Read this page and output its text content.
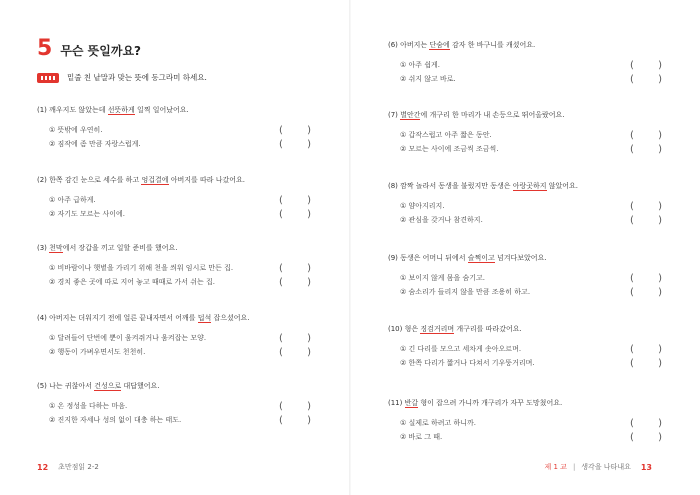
5 무슨 뜻일까요?
밑줄 친 낱말과 맞는 뜻에 동그라미 하세요.
(1) 깨우지도 않았는데 선뜻하게 일찍 일어났어요.
① 뜻밖에 우연히.	( )
② 짐작에 좀 만큼 자랑스럽게.	( )
(2) 한쪽 감긴 눈으로 세수를 하고 엉겁결에 아버지를 따라 나갔어요.
① 아주 급하게.	( )
② 자기도 모르는 사이에.	( )
(3) 천막에서 장갑을 끼고 일할 준비를 했어요.
① 비바람이나 햇볕을 가리기 위해 천을 씌워 임시로 만든 집.	( )
② 경치 좋은 곳에 따로 지어 놓고 때때로 가서 쉬는 집.	( )
(4) 아버지는 더워지기 전에 얼른 끝내자면서 어깨를 덥석 잡으셨어요.
① 달려들어 단번에 뿐이 움켜쥐거나 움켜잡는 모양.	( )
② 행동이 가벼우면서도 천천히.	( )
(5) 나는 귀찮아서 건성으로 대답했어요.
① 온 정성을 다하는 마음.	( )
② 진지한 자세나 성의 없이 대충 하는 태도.	( )
12 초만점읽 2-2
(6) 아버지는 단숨에 감자 한 바구니를 캐셨어요.
① 아주 쉽게.	( )
② 쉬지 않고 바로.	( )
(7) 별안간에 개구리 한 마리가 내 손등으로 뛰어올랐어요.
① 갑작스럽고 아주 짧은 동안.	( )
② 모르는 사이에 조금씩 조금씩.	( )
(8) 깜짝 놀라서 동생을 불렀지만 동생은 아랑곳하지 않았어요.
① 얌아지리지.	( )
② 관심을 갖거나 참견하지.	( )
(9) 동생은 어머니 뒤에서 슬쩍이고 넘겨다보았어요.
① 보이지 않게 몸을 숨기고.	( )
② 숨소리가 들리지 않을 만큼 조용히 하고.	( )
(10) 형은 징검거리며 개구리를 따라갔어요.
① 긴 다리를 모으고 세차게 솟아오르며.	( )
② 한쪽 다리가 짧거나 다쳐서 기우뚱거리며.	( )
(11) 반갈 형이 잡으려 가니까 개구리가 자꾸 도망쳤어요.
① 실제로 하려고 하니까.	( )
② 바로 그 때.	( )
제 1 교 | 생각을 나타내요 13
